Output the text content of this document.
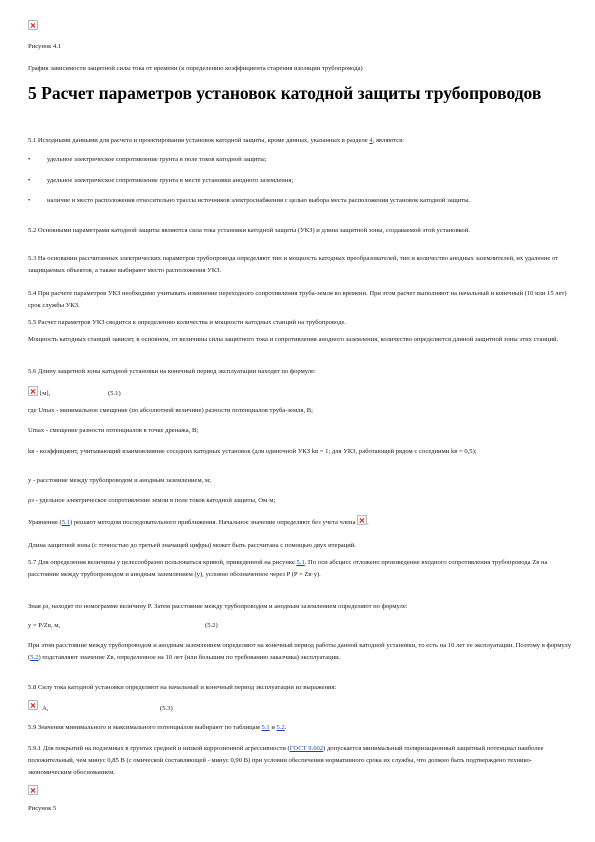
Рисунок 4.1
График зависимости защитной силы тока от времени (к определению коэффициента старения изоляции трубопровода)
5 Расчет параметров установок катодной защиты трубопроводов
5.1 Исходными данными для расчета и проектирования установок катодной защиты, кроме данных, указанных в разделе 4, являются:
•	удельное электрическое сопротивление грунта в поле токов катодной защиты;
•	удельное электрическое сопротивление грунта в месте установки анодного заземления;
•	наличие и место расположения относительно трассы источников электроснабжения с целью выбора места расположения установок катодной защиты.
5.2 Основными параметрами катодной защиты являются сила тока установки катодной защиты (УКЗ) и длина защитной зоны, создаваемой этой установкой.
5.3 На основании рассчитанных электрических параметров трубопровода определяют тип и мощность катодных преобразователей, тип и количество анодных заземлителей, их удаление от защищаемых объектов, а также выбирают место расположения УКЗ.
5.4 При расчете параметров УКЗ необходимо учитывать изменение переходного сопротивления труба-земля во времени. При этом расчет выполняют на начальный и конечный (10 или 15 лет) срок службы УКЗ.
5.5 Расчет параметров УКЗ сводится к определению количества и мощности катодных станций на трубопроводе.
Мощность катодных станций зависит, в основном, от величины силы защитного тока и сопротивления анодного заземления, количество определяется длиной защитной зоны этих станций.
5.6 Длину защитной зоны катодной установки на конечный период эксплуатации находят по формуле:
[м],	(5.1)
где Umax - минимальное смещение (по абсолютной величине) разности потенциалов труба-земля, В;
Umax - смещение разности потенциалов в точке дренажа, В;
kв - коэффициент, учитывающий взаимовлияние соседних катодных установок (для одиночной УКЗ kв = 1; для УКЗ, работающей рядом с соседними kв = 0,5);
y - расстояние между трубопроводом и анодным заземлением, м;
ρз - удельное электрическое сопротивление земли в поле токов катодной защиты, Ом·м;
Уравнение (5.1) решают методом последовательного приближения. Начальное значение определяют без учета члена .
Длина защитной зоны (с точностью до третьей значащей цифры) может быть рассчитана с помощью двух итераций.
5.7 Для определения величины y целесообразно пользоваться кривой, приведенной на рисунке 5.1. По оси абсцисс отложено произведение входного сопротивления трубопровода Zв на расстояние между трубопроводом и анодным заземлением (y), условно обозначенное через P (P = Zв·y).
Зная ρз, находят по номограмме величину P. Затем расстояние между трубопроводом и анодным заземлением определяют по формуле:
y = P/Zв, м,	(5.2)
При этом расстояние между трубопроводом и анодным заземлением определяют на конечный период работы данной катодной установки, то есть на 10 лет ее эксплуатации. Поэтому в формулу (5.2) подставляют значение Zв, определенное на 10 лет (или большим по требованию заказчика) эксплуатации.
5.8 Силу тока катодной установки определяют на начальный и конечный период эксплуатации из выражения:
A,	(5.3)
5.9 Значения минимального и максимального потенциалов выбирают по таблицам 5.1 и 5.2.
5.9.1 Для покрытий на подземных в грунтах средней и низкой коррозионной агрессивности (ГОСТ 9.602) допускается минимальный поляризационный защитный потенциал наиболее положительный, чем минус 0,85 В (с омической составляющей - минус 0,90 В) при условии обеспечения нормативного срока их службы, что должно быть подтверждено технико-экономическим обоснованием.
Рисунок 5
